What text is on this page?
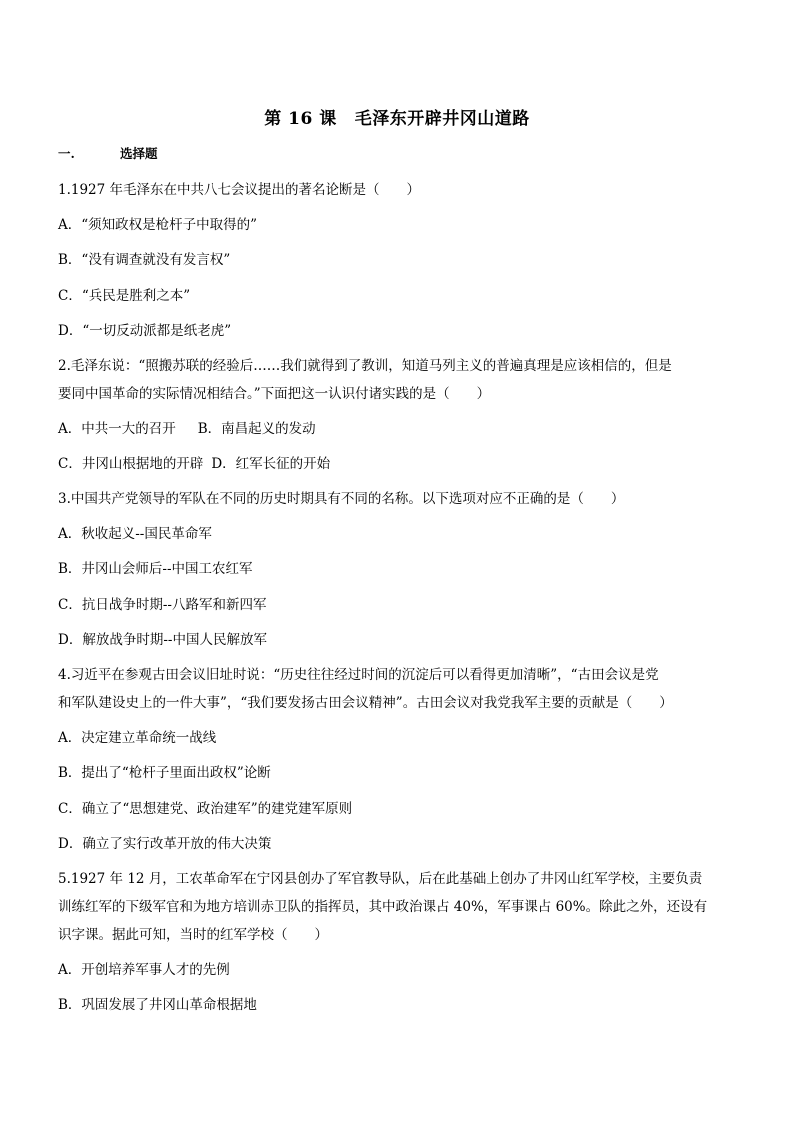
第 16 课 毛泽东开辟井冈山道路
一.	选择题
1.1927 年毛泽东在中共八七会议提出的著名论断是（　　）
A．“须知政权是枪杆子中取得的”
B．“没有调查就没有发言权”
C．“兵民是胜利之本”
D．“一切反动派都是纸老虎”
2.毛泽东说：“照搬苏联的经验后……我们就得到了教训，知道马列主义的普遍真理是应该相信的，但是
要同中国革命的实际情况相结合。”下面把这一认识付诸实践的是（　　）
A．中共一大的召开 B．南昌起义的发动
C．井冈山根据地的开辟 D．红军长征的开始
3.中国共产党领导的军队在不同的历史时期具有不同的名称。以下选项对应不正确的是（　　）
A．秋收起义--国民革命军
B．井冈山会师后--中国工农红军
C．抗日战争时期--八路军和新四军
D．解放战争时期--中国人民解放军
4.习近平在参观古田会议旧址时说：“历史往往经过时间的沉淀后可以看得更加清晰”，“古田会议是党
和军队建设史上的一件大事”，“我们要发扬古田会议精神”。古田会议对我党我军主要的贡献是（　　）
A．决定建立革命统一战线
B．提出了“枪杆子里面出政权”论断
C．确立了“思想建党、政治建军”的建党建军原则
D．确立了实行改革开放的伟大决策
5.1927 年 12 月，工农革命军在宁冈县创办了军官教导队，后在此基础上创办了井冈山红军学校，主要负责
训练红军的下级军官和为地方培训赤卫队的指挥员，其中政治课占 40%，军事课占 60%。除此之外，还设有
识字课。据此可知，当时的红军学校（　　）
A．开创培养军事人才的先例
B．巩固发展了井冈山革命根据地
